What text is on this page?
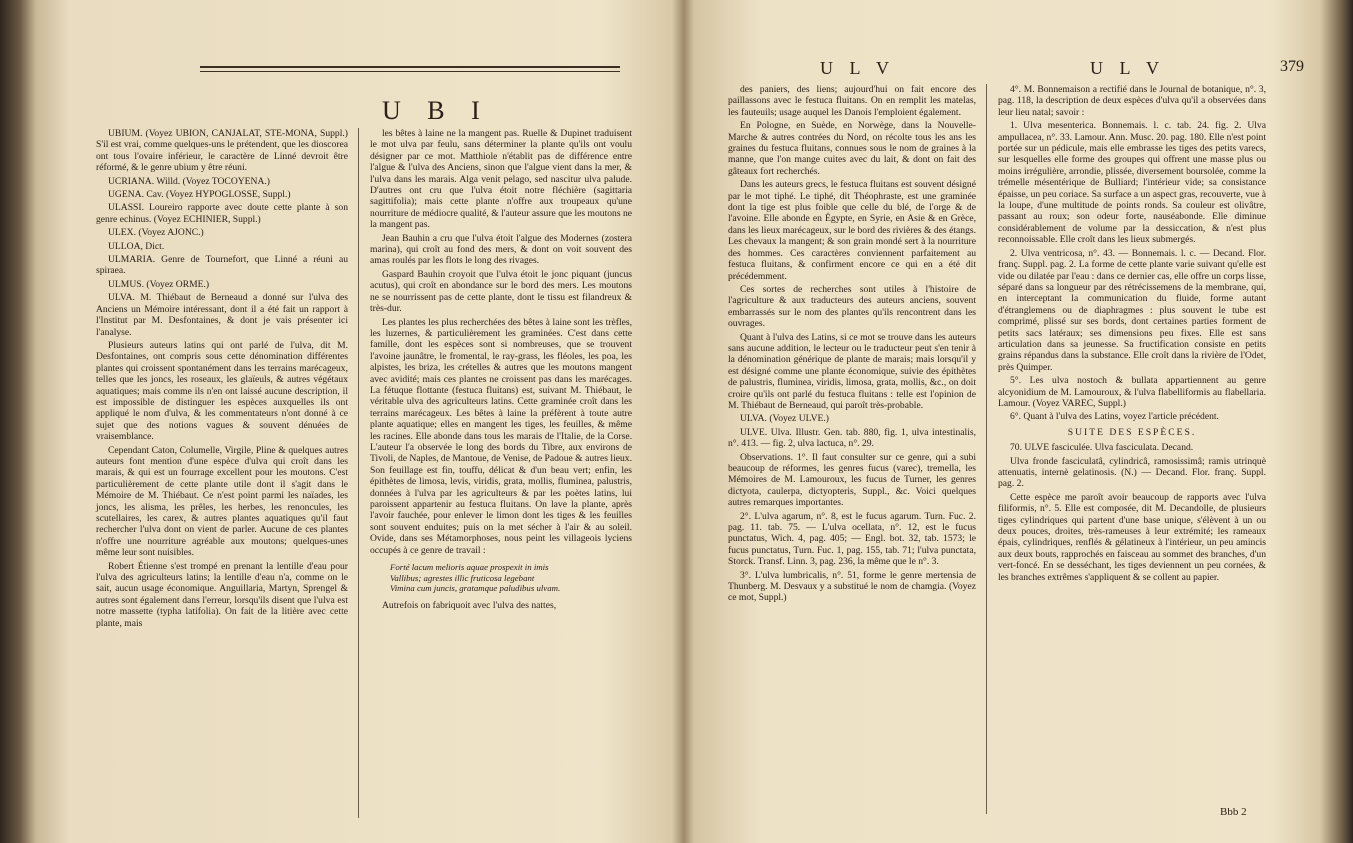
U B I

UBIUM. (Voyez UBION, CANJALAT, STE-MONA, Suppl.) S'il est vrai, comme quelques-uns le prétendent, que les dioscorea ont tous l'ovaire inférieur, le caractère de Linné devroit être réformé, & le genre ubium y être réuni.

UCRIANA. Willd. (Voyez TOCOYENA.)

UGENA. Cav. (Voyez HYPOGLOSSE, Suppl.)

ULASSI. Loureiro rapporte avec doute cette plante à son genre echinus. (Voyez ECHINIER, Suppl.)

ULEX. (Voyez AJONC.)

ULLOA, Dict.

ULMARIA. Genre de Tournefort, que Linné a réuni au spiraea.

ULMUS. (Voyez ORME.)

ULVA. M. Thiébaut de Berneaud a donné sur l'ulva des Anciens un Mémoire intéressant, dont il a été fait un rapport à l'Institut par M. Desfontaines, & dont je vais présenter ici l'analyse.

Plusieurs auteurs latins qui ont parlé de l'ulva, dit M. Desfontaines, ont compris sous cette dénomination différentes plantes qui croissent spontanément dans les terrains marécageux, telles que les joncs, les roseaux, les glaïeuls, & autres végétaux aquatiques; mais comme ils n'en ont laissé aucune description, il est impossible de distinguer les espèces auxquelles ils ont appliqué le nom d'ulva, & les commentateurs n'ont donné à ce sujet que des notions vagues & souvent dénuées de vraisemblance.

Cependant Caton, Columelle, Virgile, Pline & quelques autres auteurs font mention d'une espèce d'ulva qui croît dans les marais, & qui est un fourrage excellent pour les moutons. C'est particulièrement de cette plante utile dont il s'agit dans le Mémoire de M. Thiébaut. Ce n'est point parmi les naïades, les joncs, les alisma, les prêles, les herbes, les renoncules, les scutellaires, les carex, & autres plantes aquatiques qu'il faut rechercher l'ulva dont on vient de parler. Aucune de ces plantes n'offre une nourriture agréable aux moutons; quelques-unes même leur sont nuisibles.

Robert Étienne s'est trompé en prenant la lentille d'eau pour l'ulva des agriculteurs latins; la lentille d'eau n'a, comme on le sait, aucun usage économique. Anguillaria, Martyn, Sprengel & autres sont également dans l'erreur, lorsqu'ils disent que l'ulva est notre massette (typha latifolia). On fait de la litière avec cette plante, mais

les bêtes à laine ne la mangent pas. Ruelle & Dupinet traduisent le mot ulva par feulu, sans déterminer la plante qu'ils ont voulu désigner par ce mot. Matthiole n'établit pas de différence entre l'algue & l'ulva des Anciens, sinon que l'algue vient dans la mer, & l'ulva dans les marais. Alga venit pelago, sed nascitur ulva palude. D'autres ont cru que l'ulva étoit notre fléchière (sagittaria sagittifolia); mais cette plante n'offre aux troupeaux qu'une nourriture de médiocre qualité, & l'auteur assure que les moutons ne la mangent pas.

Jean Bauhin a cru que l'ulva étoit l'algue des Modernes (zostera marina), qui croît au fond des mers, & dont on voit souvent des amas roulés par les flots le long des rivages.

Gaspard Bauhin croyoit que l'ulva étoit le jonc piquant (juncus acutus), qui croît en abondance sur le bord des mers. Les moutons ne se nourrissent pas de cette plante, dont le tissu est filandreux & très-dur.

Les plantes les plus recherchées des bêtes à laine sont les trèfles, les luzernes, & particulièrement les graminées. C'est dans cette famille, dont les espèces sont si nombreuses, que se trouvent l'avoine jaunâtre, le fromental, le ray-grass, les fléoles, les poa, les alpistes, les briza, les crételles & autres que les moutons mangent avec avidité; mais ces plantes ne croissent pas dans les marécages. La fétuque flottante (festuca fluitans) est, suivant M. Thiébaut, le véritable ulva des agriculteurs latins. Cette graminée croît dans les terrains marécageux. Les bêtes à laine la préfèrent à toute autre plante aquatique; elles en mangent les tiges, les feuilles, & même les racines. Elle abonde dans tous les marais de l'Italie, de la Corse. L'auteur l'a observée le long des bords du Tibre, aux environs de Tivoli, de Naples, de Mantoue, de Venise, de Padoue & autres lieux. Son feuillage est fin, touffu, délicat & d'un beau vert; enfin, les épithètes de limosa, levis, viridis, grata, mollis, fluminea, palustris, données à l'ulva par les agriculteurs & par les poètes latins, lui paroissent appartenir au festuca fluitans. On lave la plante, après l'avoir fauchée, pour enlever le limon dont les tiges & les feuilles sont souvent enduites; puis on la met sécher à l'air & au soleil. Ovide, dans ses Métamorphoses, nous peint les villageois lyciens occupés à ce genre de travail :

Forté lacum melioris aquae prospexit in imis
Vallibus; agrestes illic fruticosa legebant
Vimina cum juncis, gratamque paludibus ulvam.

Autrefois on fabriquoit avec l'ulva des nattes,

U L V	U L V	379

des paniers, des liens; aujourd'hui on fait encore des paillassons avec le festuca fluitans. On en remplit les matelas, les fauteuils; usage auquel les Danois l'emploient également.

En Pologne, en Suède, en Norwège, dans la Nouvelle-Marche & autres contrées du Nord, on récolte tous les ans les graines du festuca fluitans, connues sous le nom de graines à la manne, que l'on mange cuites avec du lait, & dont on fait des gâteaux fort recherchés.

Dans les auteurs grecs, le festuca fluitans est souvent désigné par le mot tiphé. Le tiphé, dit Théophraste, est une graminée dont la tige est plus foible que celle du blé, de l'orge & de l'avoine. Elle abonde en Égypte, en Syrie, en Asie & en Grèce, dans les lieux marécageux, sur le bord des rivières & des étangs. Les chevaux la mangent; & son grain mondé sert à la nourriture des hommes. Ces caractères conviennent parfaitement au festuca fluitans, & confirment encore ce qui en a été dit précédemment.

Ces sortes de recherches sont utiles à l'histoire de l'agriculture & aux traducteurs des auteurs anciens, souvent embarrassés sur le nom des plantes qu'ils rencontrent dans les ouvrages.

Quant à l'ulva des Latins, si ce mot se trouve dans les auteurs sans aucune addition, le lecteur ou le traducteur peut s'en tenir à la dénomination générique de plante de marais; mais lorsqu'il y est désigné comme une plante économique, suivie des épithètes de palustris, fluminea, viridis, limosa, grata, mollis, &c., on doit croire qu'ils ont parlé du festuca fluitans : telle est l'opinion de M. Thiébaut de Berneaud, qui paroît très-probable.

ULVA. (Voyez ULVE.)

ULVE. Ulva. Illustr. Gen. tab. 880, fig. 1, ulva intestinalis, n°. 413. — fig. 2, ulva lactuca, n°. 29.

Observations. 1°. Il faut consulter sur ce genre, qui a subi beaucoup de réformes, les genres fucus (varec), tremella, les Mémoires de M. Lamouroux, les fucus de Turner, les genres dictyota, caulerpa, dictyopteris, Suppl., &c. Voici quelques autres remarques importantes.

2°. L'ulva agarum, n°. 8, est le fucus agarum. Turn. Fuc. 2. pag. 11. tab. 75. — L'ulva ocellata, n°. 12, est le fucus punctatus, Wich. 4, pag. 405; — Engl. bot. 32, tab. 1573; le fucus punctatus, Turn. Fuc. 1, pag. 155, tab. 71; l'ulva punctata, Storck. Transf. Linn. 3, pag. 236, la même que le n°. 3.

3°. L'ulva lumbricalis, n°. 51, forme le genre mertensia de Thunberg. M. Desvaux y a substitué le nom de chamgia. (Voyez ce mot, Suppl.)

4°. M. Bonnemaison a rectifié dans le Journal de botanique, n°. 3, pag. 118, la description de deux espèces d'ulva qu'il a observées dans leur lieu natal; savoir :

1. Ulva mesenterica. Bonnemais. l. c. tab. 24. fig. 2. Ulva ampullacea, n°. 33. Lamour. Ann. Musc. 20. pag. 180. Elle n'est point portée sur un pédicule, mais elle embrasse les tiges des petits varecs, sur lesquelles elle forme des groupes qui offrent une masse plus ou moins irrégulière, arrondie, plissée, diversement boursolée, comme la trémelle mésentérique de Bulliard; l'intérieur vide; sa consistance épaisse, un peu coriace. Sa surface a un aspect gras, recouverte, vue à la loupe, d'une multitude de points ronds. Sa couleur est olivâtre, passant au roux; son odeur forte, nauséabonde. Elle diminue considérablement de volume par la dessiccation, & n'est plus reconnoissable. Elle croît dans les lieux submergés.

2. Ulva ventricosa, n°. 43. — Bonnemais. l. c. — Decand. Flor. franç. Suppl. pag. 2. La forme de cette plante varie suivant qu'elle est vide ou dilatée par l'eau : dans ce dernier cas, elle offre un corps lisse, séparé dans sa longueur par des rétrécissemens de la membrane, qui, en interceptant la communication du fluide, forme autant d'étranglemens ou de diaphragmes : plus souvent le tube est comprimé, plissé sur ses bords, dont certaines parties forment de petits sacs latéraux; ses dimensions peu fixes. Elle est sans articulation dans sa jeunesse. Sa fructification consiste en petits grains répandus dans la substance. Elle croît dans la rivière de l'Odet, près Quimper.

5°. Les ulva nostoch & bullata appartiennent au genre alcyonidium de M. Lamouroux, & l'ulva flabelliformis au flabellaria. Lamour. (Voyez VAREC, Suppl.)

6°. Quant à l'ulva des Latins, voyez l'article précédent.

SUITE DES ESPÈCES.

70. ULVE fasciculée. Ulva fasciculata. Decand.

Ulva fronde fasciculatâ, cylindricâ, ramosissimâ; ramis utrinquè attenuatis, internè gelatinosis. (N.) — Decand. Flor. franç. Suppl. pag. 2.

Cette espèce me paroît avoir beaucoup de rapports avec l'ulva filiformis, n°. 5. Elle est composée, dit M. Decandolle, de plusieurs tiges cylindriques qui partent d'une base unique, s'élèvent à un ou deux pouces, droites, très-rameuses à leur extrémité; les rameaux épais, cylindriques, renflés & gélatineux à l'intérieur, un peu amincis aux deux bouts, rapprochés en faisceau au sommet des branches, d'un vert-foncé. En se desséchant, les tiges deviennent un peu cornées, & les branches extrêmes s'appliquent & se collent au papier.

Bbb 2
